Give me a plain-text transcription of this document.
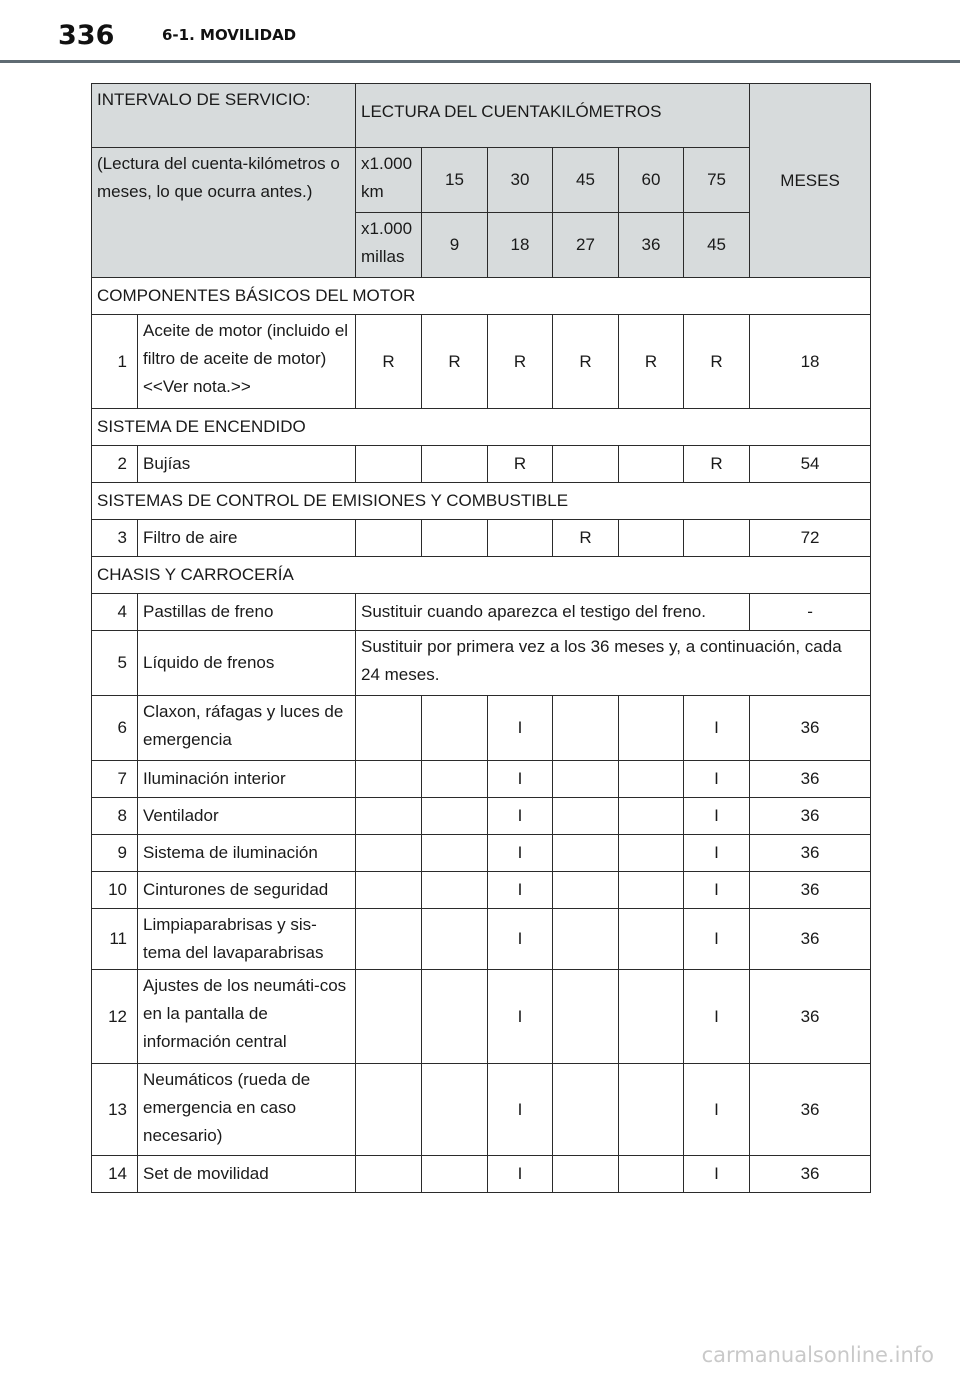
336	6-1. MOVILIDAD
INTERVALO DE SERVICIO:		LECTURA DEL CUENTAKILÓMETROS						MESES
(Lectura del cuenta-kilómetros o meses, lo que ocurra antes.)		x1.000 km	15	30	45	60	75	
		x1.000 millas	9	18	27	36	45	
COMPONENTES BÁSICOS DEL MOTOR								
1	Aceite de motor (incluido el filtro de aceite de motor) <<Ver nota.>>	R	R	R	R	R	R	18
SISTEMA DE ENCENDIDO								
2	Bujías			R			R	54
SISTEMAS DE CONTROL DE EMISIONES Y COMBUSTIBLE								
3	Filtro de aire				R			72
CHASIS Y CARROCERÍA								
4	Pastillas de freno	Sustituir cuando aparezca el testigo del freno.						-
5	Líquido de frenos	Sustituir por primera vez a los 36 meses y, a continuación, cada 24 meses.						
6	Claxon, ráfagas y luces de emergencia			I			I	36
7	Iluminación interior			I			I	36
8	Ventilador			I			I	36
9	Sistema de iluminación			I			I	36
10	Cinturones de seguridad			I			I	36
11	Limpiaparabrisas y sis-tema del lavaparabrisas			I			I	36
12	Ajustes de los neumáti-cos en la pantalla de información central			I			I	36
13	Neumáticos (rueda de emergencia en caso necesario)			I			I	36
14	Set de movilidad			I			I	36
carmanualsonline.info
